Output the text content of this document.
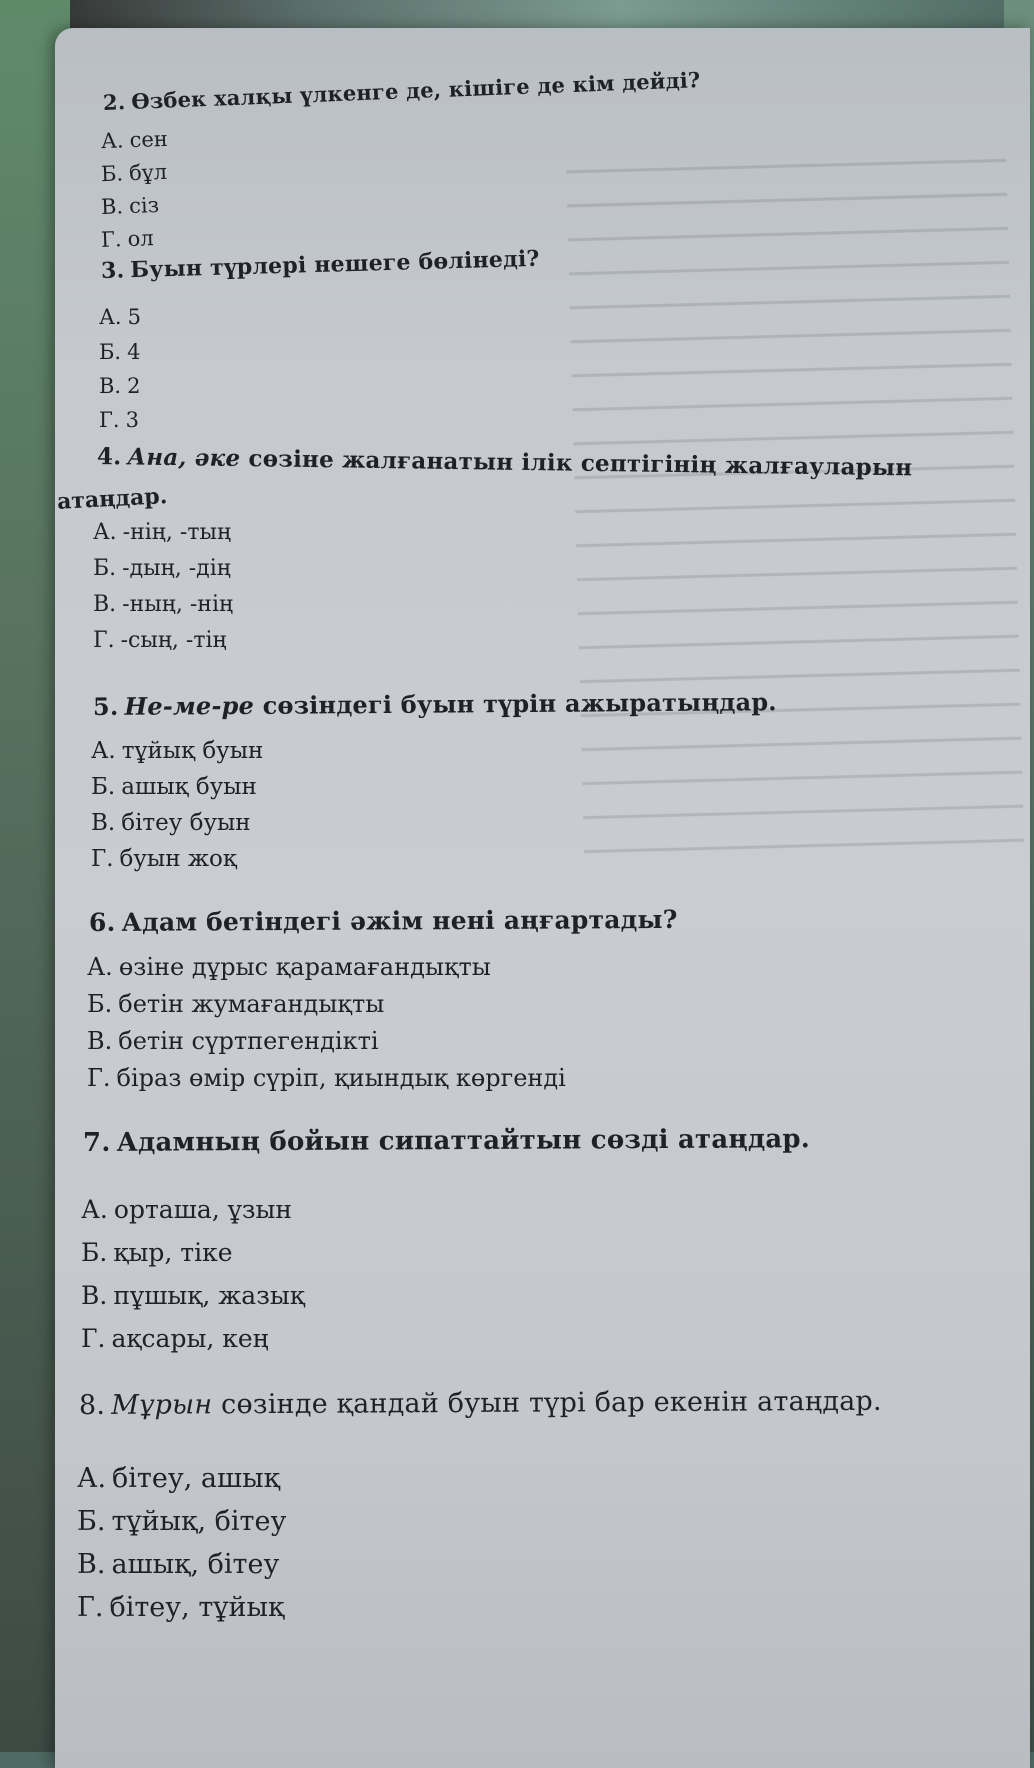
2. Өзбек халқы үлкенге де, кішіге де кім дейді?
А. сен
Б. бұл
В. сіз
Г. ол
3. Буын түрлері нешеге бөлінеді?
А. 5
Б. 4
В. 2
Г. 3
4. Ана, әке сөзіне жалғанатын ілік септігінің жалғауларын
атаңдар.
А. -нің, -тың
Б. -дың, -дің
В. -ның, -нің
Г. -сың, -тің
5. Не-ме-ре сөзіндегі буын түрін ажыратыңдар.
А. тұйық буын
Б. ашық буын
В. бітеу буын
Г. буын жоқ
6. Адам бетіндегі әжім нені аңғартады?
А. өзіне дұрыс қарамағандықты
Б. бетін жумағандықты
В. бетін сүртпегендікті
Г. біраз өмір сүріп, қиындық көргенді
7. Адамның бойын сипаттайтын сөзді атаңдар.
А. орташа, ұзын
Б. қыр, тіке
В. пұшық, жазық
Г. ақсары, кең
8. Мұрын сөзінде қандай буын түрі бар екенін атаңдар.
А. бітеу, ашық
Б. тұйық, бітеу
В. ашық, бітеу
Г. бітеу, тұйық
